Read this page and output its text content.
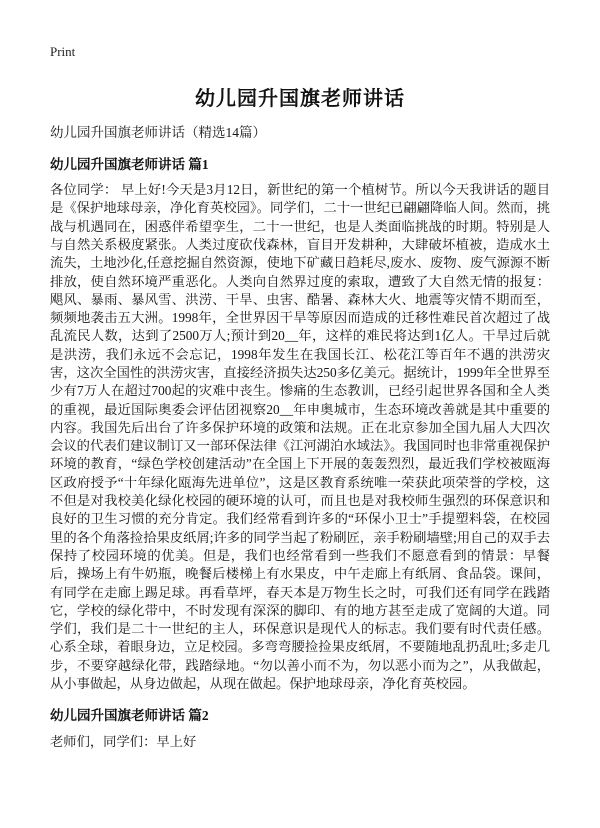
Print
幼儿园升国旗老师讲话

幼儿园升国旗老师讲话（精选14篇）

幼儿园升国旗老师讲话 篇1

各位同学： 早上好!今天是3月12日，新世纪的第一个植树节。所以今天我讲话的题目是《保护地球母亲，净化育英校园》。同学们，二十一世纪已翩翩降临人间。然而，挑战与机遇同在，困惑伴希望孪生，二十一世纪，也是人类面临挑战的时期。特别是人与自然关系极度紧张。人类过度砍伐森林，盲目开发耕种，大肆破坏植被，造成水土流失，土地沙化,任意挖掘自然资源，使地下矿藏日趋耗尽,废水、废物、废气源源不断排放，使自然环境严重恶化。人类向自然界过度的索取，遭致了大自然无情的报复：飓风、暴雨、暴风雪、洪涝、干旱、虫害、酷暑、森林大火、地震等灾情不期而至，频频地袭击五大洲。1998年，全世界因干旱等原因而造成的迁移性难民首次超过了战乱流民人数，达到了2500万人;预计到20__年，这样的难民将达到1亿人。干旱过后就是洪涝，我们永远不会忘记，1998年发生在我国长江、松花江等百年不遇的洪涝灾害，这次全国性的洪涝灾害，直接经济损失达250多亿美元。据统计，1999年全世界至少有7万人在超过700起的灾难中丧生。惨痛的生态教训，已经引起世界各国和全人类的重视，最近国际奥委会评估团视察20__年申奥城市，生态环境改善就是其中重要的内容。我国先后出台了许多保护环境的政策和法规。正在北京参加全国九届人大四次会议的代表们建议制订又一部环保法律《江河湖泊水域法》。我国同时也非常重视保护环境的教育，“绿色学校创建活动”在全国上下开展的轰轰烈烈，最近我们学校被瓯海区政府授予“十年绿化瓯海先进单位”，这是区教育系统唯一荣获此项荣誉的学校，这不但是对我校美化绿化校园的硬环境的认可，而且也是对我校师生强烈的环保意识和良好的卫生习惯的充分肯定。我们经常看到许多的“环保小卫士”手提塑料袋，在校园里的各个角落捡拾果皮纸屑;许多的同学当起了粉刷匠，亲手粉刷墙壁;用自己的双手去保持了校园环境的优美。但是，我们也经常看到一些我们不愿意看到的情景：早餐后，操场上有牛奶瓶，晚餐后楼梯上有水果皮，中午走廊上有纸屑、食品袋。课间，有同学在走廊上踢足球。再看草坪，春天本是万物生长之时，可我们还有同学在践踏它，学校的绿化带中，不时发现有深深的脚印、有的地方甚至走成了宽阔的大道。同学们，我们是二十一世纪的主人，环保意识是现代人的标志。我们要有时代责任感。心系全球，着眼身边，立足校园。多弯弯腰捡捡果皮纸屑，不要随地乱扔乱吐;多走几步，不要穿越绿化带，践踏绿地。“勿以善小而不为，勿以恶小而为之”，从我做起，从小事做起，从身边做起，从现在做起。保护地球母亲，净化育英校园。

幼儿园升国旗老师讲话 篇2

老师们，同学们：早上好
